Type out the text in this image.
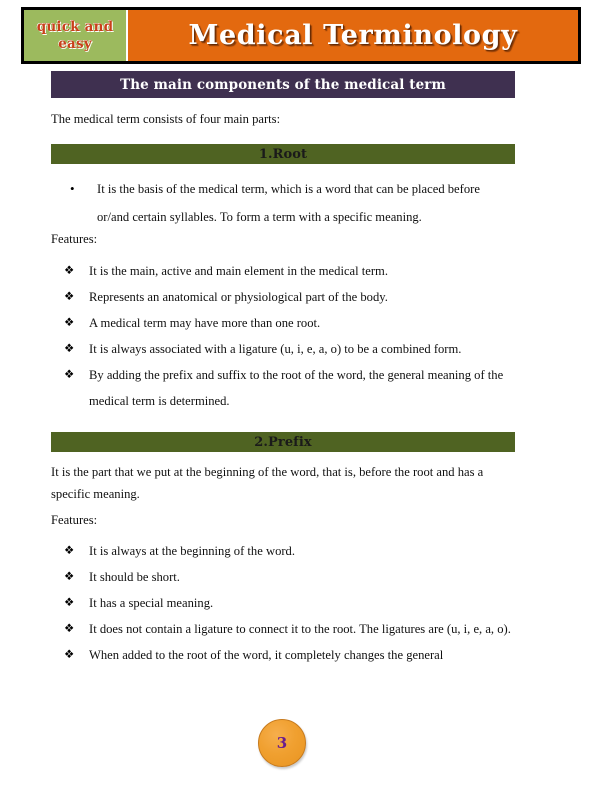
quick and
easy	Medical Terminology
The main components of the medical term
The medical term consists of four main parts:
1.Root
• It is the basis of the medical term, which is a word that can be placed before or/and certain syllables. To form a term with a specific meaning.
Features:
❖ It is the main, active and main element in the medical term.
❖ Represents an anatomical or physiological part of the body.
❖ A medical term may have more than one root.
❖ It is always associated with a ligature (u, i, e, a, o) to be a combined form.
❖ By adding the prefix and suffix to the root of the word, the general meaning of the medical term is determined.
2.Prefix
It is the part that we put at the beginning of the word, that is, before the root and has a specific meaning.
Features:
❖ It is always at the beginning of the word.
❖ It should be short.
❖ It has a special meaning.
❖ It does not contain a ligature to connect it to the root. The ligatures are (u, i, e, a, o).
❖ When added to the root of the word, it completely changes the general
3
